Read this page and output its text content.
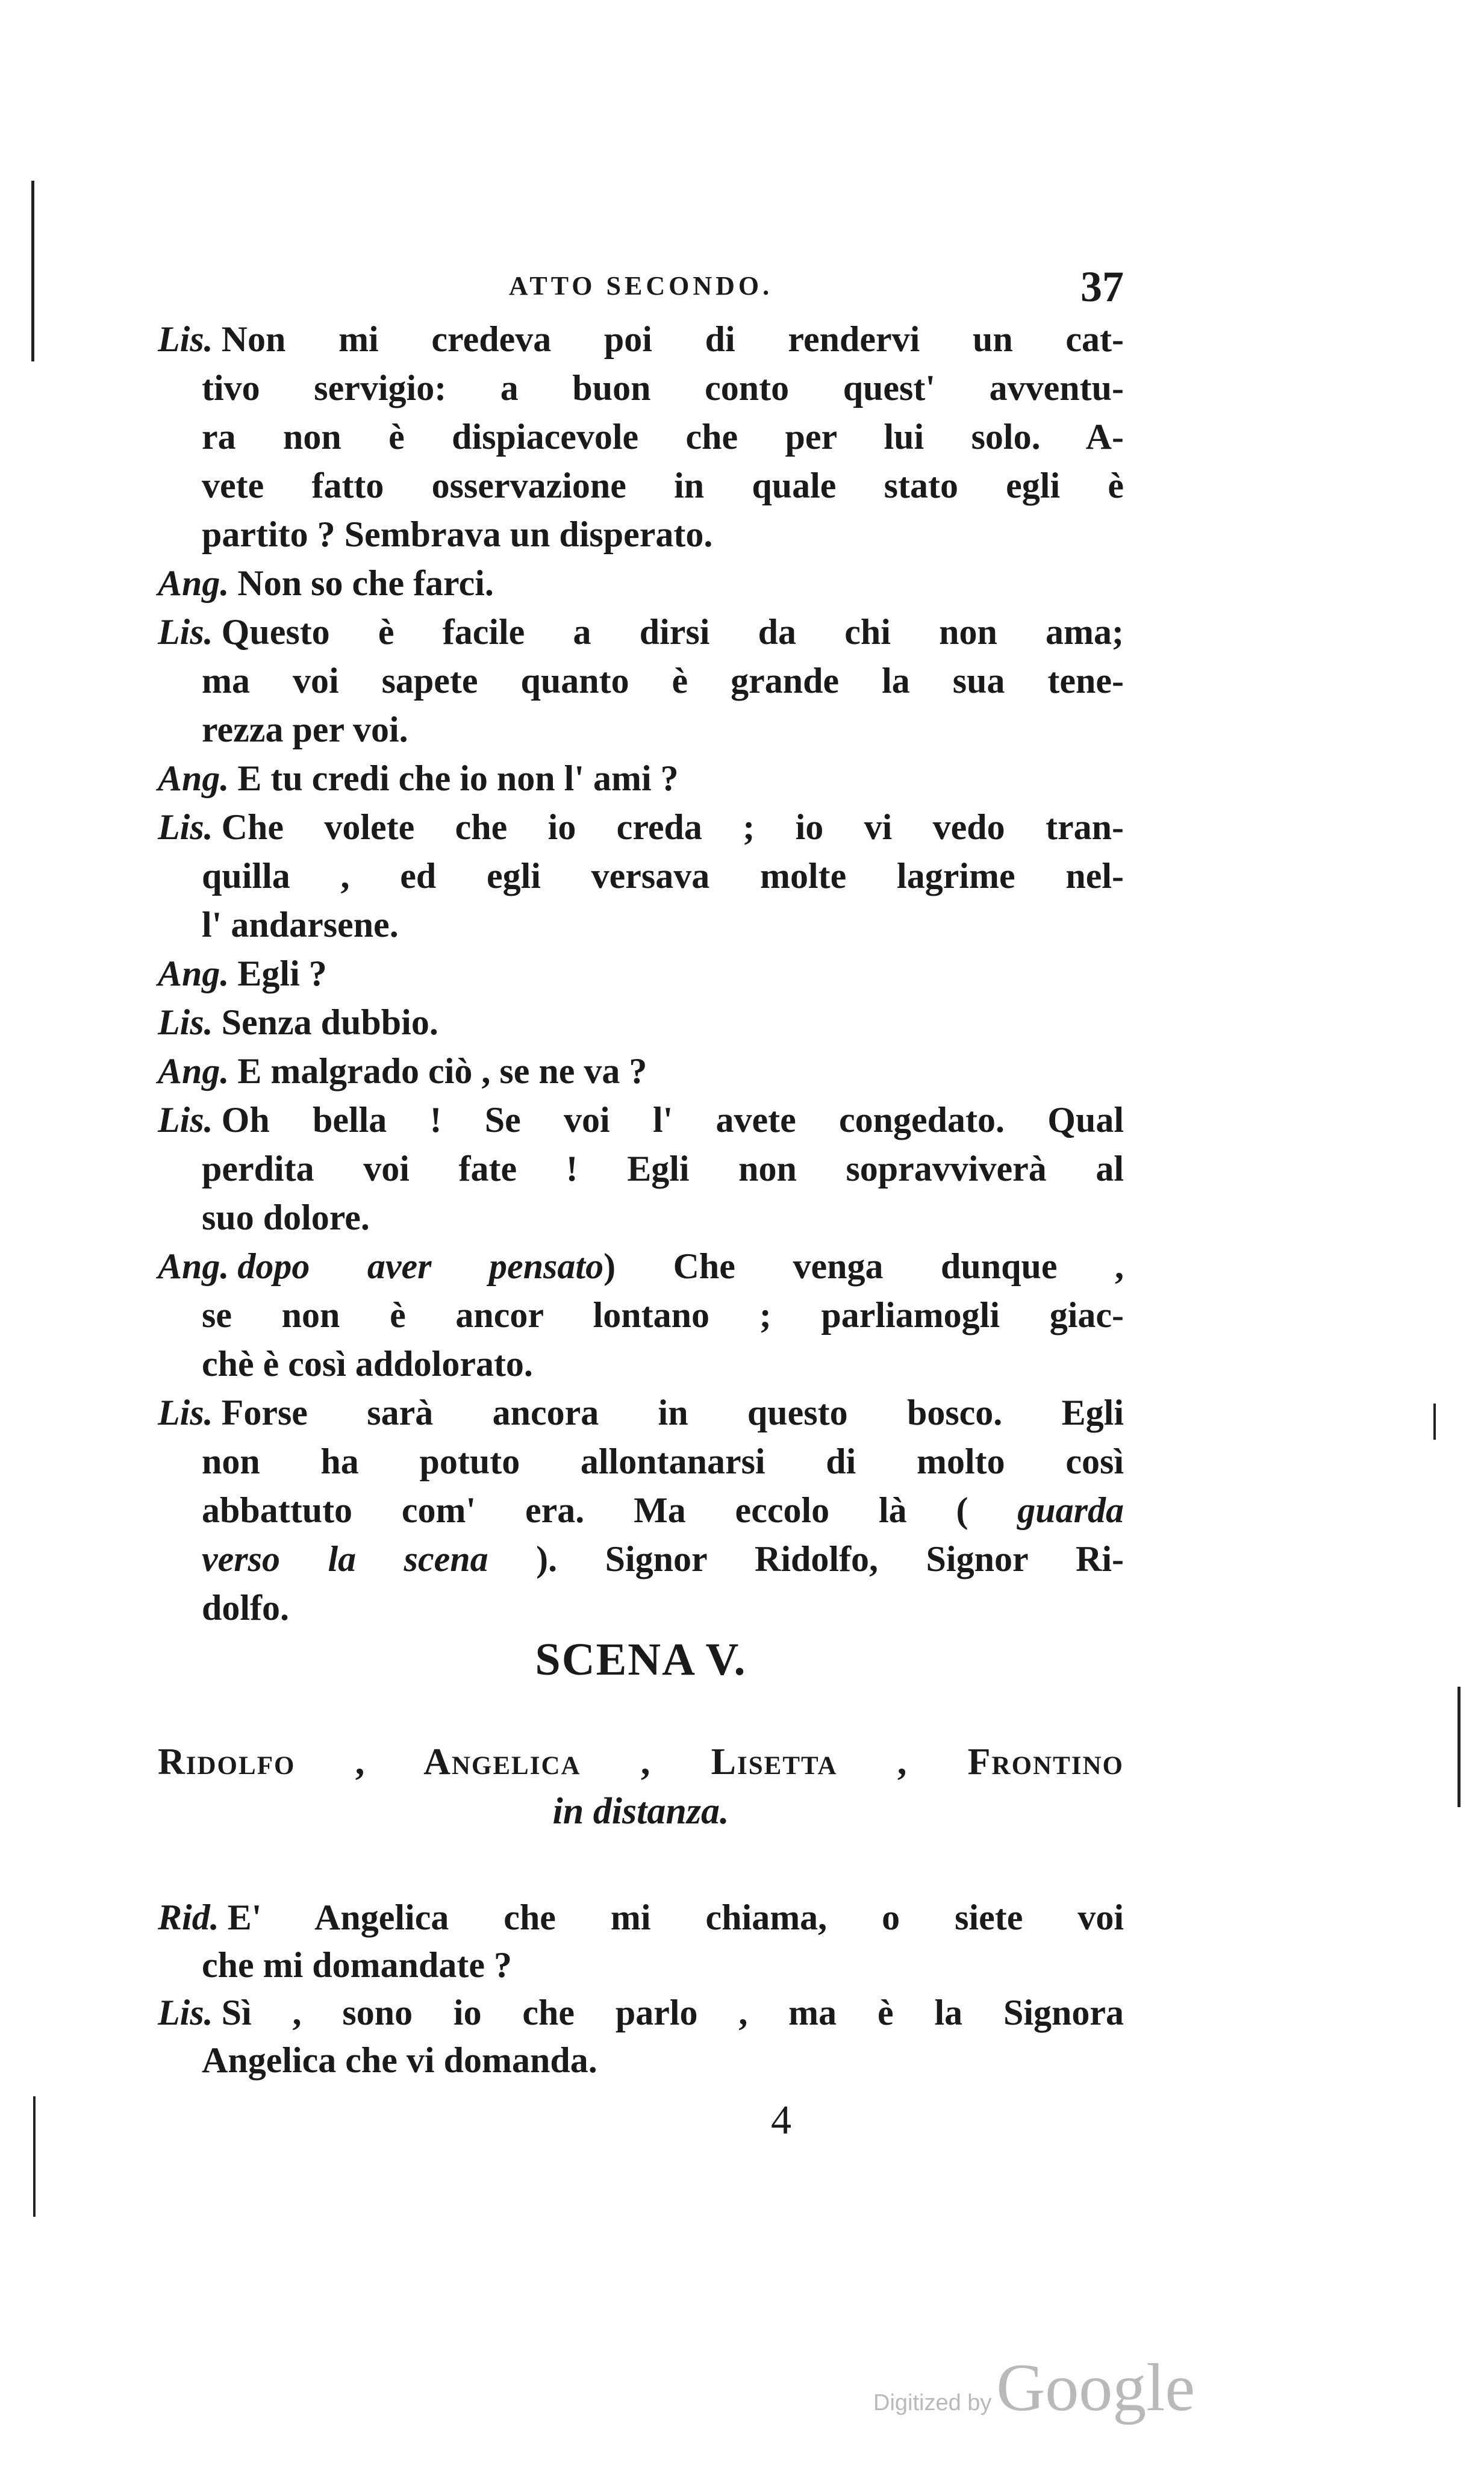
ATTO SECONDO.	37
Lis. Non mi credeva poi di rendervi un cat-
tivo servigio: a buon conto quest' avventu-
ra non è dispiacevole che per lui solo. A-
vete fatto osservazione in quale stato egli è
partito ? Sembrava un disperato.
Ang. Non so che farci.
Lis. Questo è facile a dirsi da chi non ama;
ma voi sapete quanto è grande la sua tene-
rezza per voi.
Ang. E tu credi che io non l' ami ?
Lis. Che volete che io creda ; io vi vedo tran-
quilla , ed egli versava molte lagrime nel-
l' andarsene.
Ang. Egli ?
Lis. Senza dubbio.
Ang. E malgrado ciò , se ne va ?
Lis. Oh bella ! Se voi l' avete congedato. Qual
perdita voi fate ! Egli non sopravviverà al
suo dolore.
Ang. dopo aver pensato) Che venga dunque ,
se non è ancor lontano ; parliamogli giac-
chè è così addolorato.
Lis. Forse sarà ancora in questo bosco. Egli
non ha potuto allontanarsi di molto così
abbattuto com' era. Ma eccolo là ( guarda
verso la scena ). Signor Ridolfo, Signor Ri-
dolfo.
SCENA V.
Ridolfo , Angelica , Lisetta , Frontino
in distanza.
Rid. E' Angelica che mi chiama, o siete voi
che mi domandate ?
Lis. Sì , sono io che parlo , ma è la Signora
Angelica che vi domanda.
4
Digitized byGoogle
